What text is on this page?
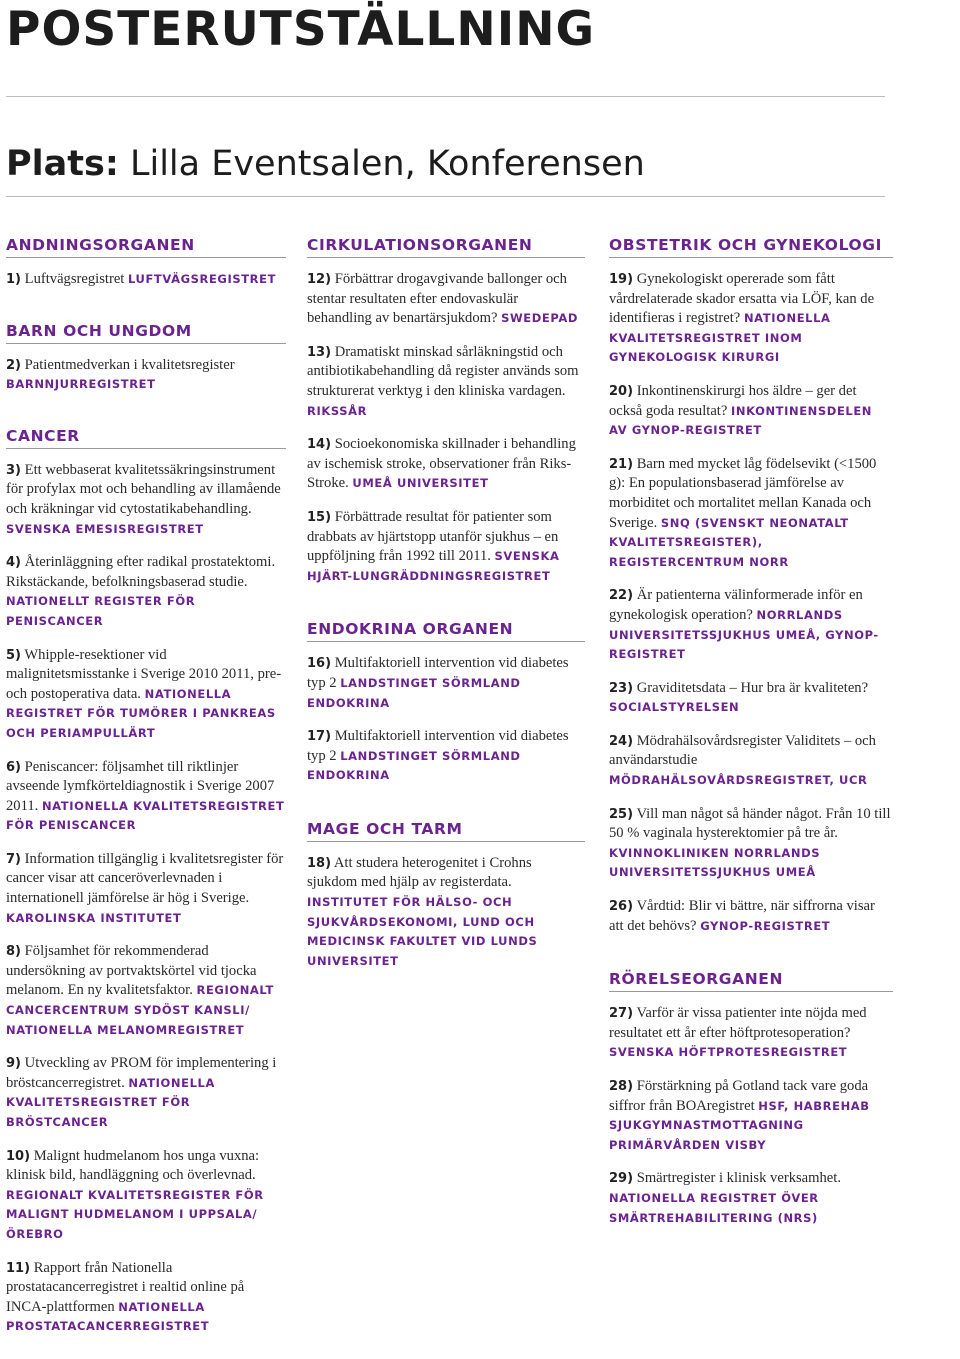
POSTERUTSTÄLLNING
Plats: Lilla Eventsalen, Konferensen
ANDNINGSORGANEN
1) Luftvägsregistret LUFTVÄGSREGISTRET
BARN OCH UNGDOM
2) Patientmedverkan i kvalitetsregister BARNNJURREGISTRET
CANCER
3) Ett webbaserat kvalitetssäkringsinstrument för profylax mot och behandling av illamående och kräkningar vid cytostatikabehandling. SVENSKA EMESISREGISTRET
4) Återinläggning efter radikal prostatektomi. Rikstäckande, befolkningsbaserad studie. NATIONELLT REGISTER FÖR PENISCANCER
5) Whipple-resektioner vid malignitetsmisstanke i Sverige 2010 2011, pre- och postoperativa data. NATIONELLA REGISTRET FÖR TUMÖRER I PANKREAS OCH PERIAMPULLÄRT
6) Peniscancer: följsamhet till riktlinjer avseende lymfkörteldiagnostik i Sverige 2007 2011. NATIONELLA KVALITETSREGISTRET FÖR PENISCANCER
7) Information tillgänglig i kvalitetsregister för cancer visar att canceröverlevnaden i internationell jämförelse är hög i Sverige. KAROLINSKA INSTITUTET
8) Följsamhet för rekommenderad undersökning av portvaktskörtel vid tjocka melanom. En ny kvalitetsfaktor. REGIONALT CANCERCENTRUM SYDÖST KANSLI/ NATIONELLA MELANOMREGISTRET
9) Utveckling av PROM för implementering i bröstcancerregistret. NATIONELLA KVALITETSREGISTRET FÖR BRÖSTCANCER
10) Malignt hudmelanom hos unga vuxna: klinisk bild, handläggning och överlevnad. REGIONALT KVALITETSREGISTER FÖR MALIGNT HUDMELANOM I UPPSALA/ÖREBRO
11) Rapport från Nationella prostatacancerregistret i realtid online på INCA-plattformen NATIONELLA PROSTATACANCERREGISTRET
CIRKULATIONSORGANEN
12) Förbättrar drogavgivande ballonger och stentar resultaten efter endovaskulär behandling av benartärsjukdom? SWEDEPAD
13) Dramatiskt minskad sårläkningstid och antibiotikabehandling då register används som strukturerat verktyg i den kliniska vardagen. RIKSSÅR
14) Socioekonomiska skillnader i behandling av ischemisk stroke, observationer från Riks-Stroke. UMEÅ UNIVERSITET
15) Förbättrade resultat för patienter som drabbats av hjärtstopp utanför sjukhus – en uppföljning från 1992 till 2011. SVENSKA HJÄRT-LUNGRÄDDNINGSREGISTRET
ENDOKRINA ORGANEN
16) Multifaktoriell intervention vid diabetes typ 2 LANDSTINGET SÖRMLAND ENDOKRINA
17) Multifaktoriell intervention vid diabetes typ 2 LANDSTINGET SÖRMLAND ENDOKRINA
MAGE OCH TARM
18) Att studera heterogenitet i Crohns sjukdom med hjälp av registerdata. INSTITUTET FÖR HÄLSO- OCH SJUKVÅRDSEKONOMI, LUND OCH MEDICINSK FAKULTET VID LUNDS UNIVERSITET
OBSTETRIK OCH GYNEKOLOGI
19) Gynekologiskt opererade som fått vårdrelaterade skador ersatta via LÖF, kan de identifieras i registret? NATIONELLA KVALITETSREGISTRET INOM GYNEKOLOGISK KIRURGI
20) Inkontinenskirurgi hos äldre – ger det också goda resultat? INKONTINENSDELEN AV GYNOP-REGISTRET
21) Barn med mycket låg födelsevikt (<1500 g): En populationsbaserad jämförelse av morbiditet och mortalitet mellan Kanada och Sverige. SNQ (SVENSKT NEONATALT KVALITETSREGISTER), REGISTERCENTRUM NORR
22) Är patienterna välinformerade inför en gynekologisk operation? NORRLANDS UNIVERSITETSSJUKHUS UMEÅ, GYNOP-REGISTRET
23) Graviditetsdata – Hur bra är kvaliteten? SOCIALSTYRELSEN
24) Mödrahälsovårdsregister Validitets – och användarstudie MÖDRAHÄLSOVÅRDSREGISTRET, UCR
25) Vill man något så händer något. Från 10 till 50 % vaginala hysterektomier på tre år. KVINNOKLINIKEN NORRLANDS UNIVERSITETSSJUKHUS UMEÅ
26) Vårdtid: Blir vi bättre, när siffrorna visar att det behövs? GYNOP-REGISTRET
RÖRELSEORGANEN
27) Varför är vissa patienter inte nöjda med resultatet ett år efter höftprotesoperation? SVENSKA HÖFTPROTESREGISTRET
28) Förstärkning på Gotland tack vare goda siffror från BOAregistret HSF, HABREHAB SJUKGYMNASTMOTTAGNING PRIMÄRVÅRDEN VISBY
29) Smärtregister i klinisk verksamhet. NATIONELLA REGISTRET ÖVER SMÄRTREHABILITERING (NRS)
